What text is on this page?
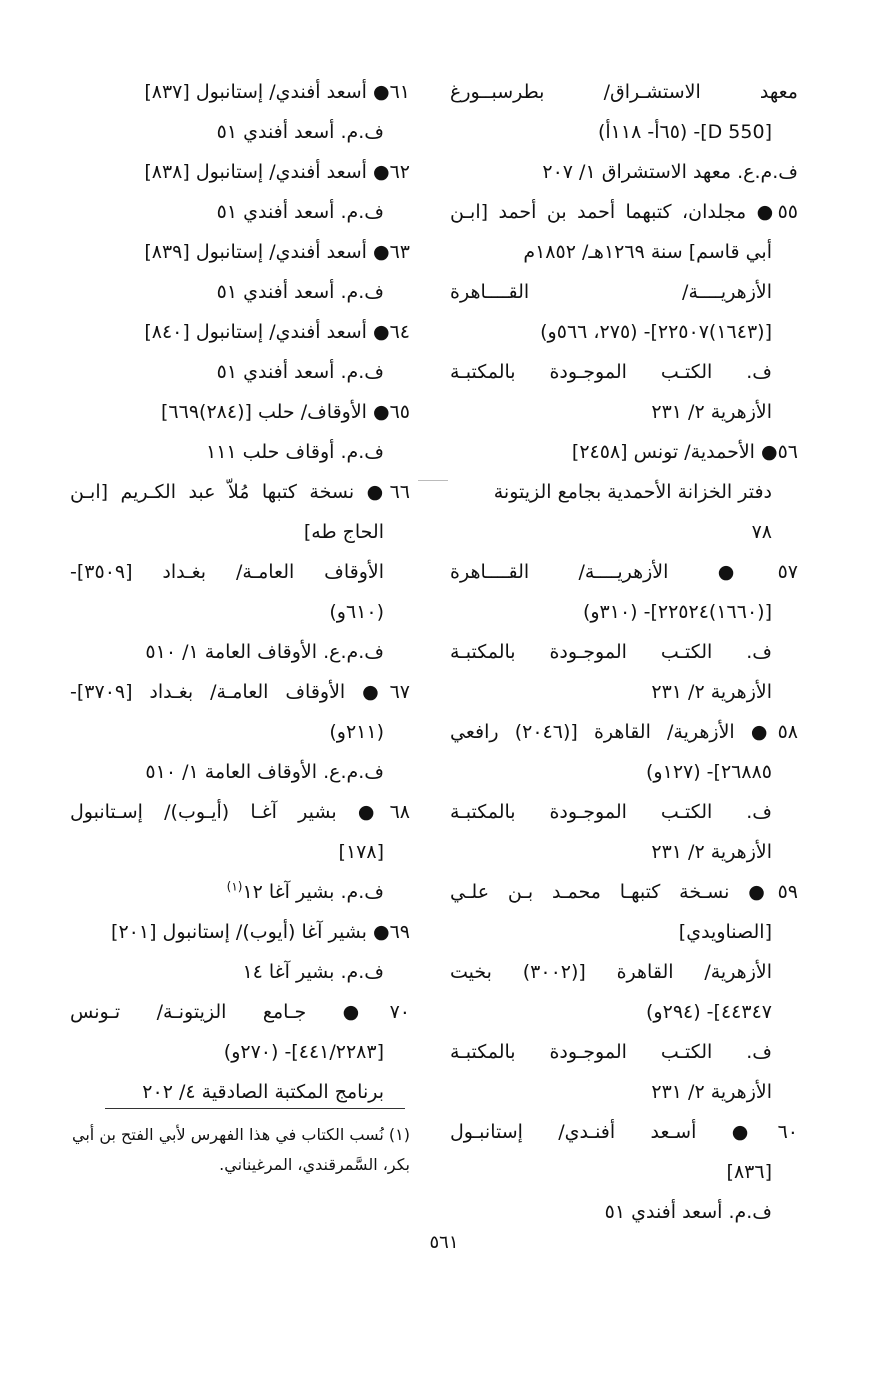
معهد الاستشـراق/ بطرسبــورغ
[D 550]- (٦٥أ- ١١٨أ)
ف.م.ع. معهد الاستشراق ١/ ٢٠٧
٥٥● مجلدان، كتبهما أحمد بن أحمد [ابـن
أبي قاسم] سنة ١٢٦٩هـ/ ١٨٥٢م
الأزهريــــة/ القــــاهرة
[(١٦٤٣)٢٢٥٠٧]- (٢٧٥، ٥٦٦و)
ف. الكتـب الموجـودة بالمكتبـة
الأزهرية ٢/ ٢٣١
٥٦● الأحمدية/ تونس [٢٤٥٨]
دفتر الخزانة الأحمدية بجامع الزيتونة
٧٨
٥٧● الأزهريــــة/ القــــاهرة
[(١٦٦٠)٢٢٥٢٤]- (٣١٠و)
ف. الكتـب الموجـودة بالمكتبـة
الأزهرية ٢/ ٢٣١
٥٨● الأزهرية/ القاهرة [(٢٠٤٦) رافعي
٢٦٨٨٥]- (١٢٧و)
ف. الكتـب الموجـودة بالمكتبـة
الأزهرية ٢/ ٢٣١
٥٩● نسـخة كتبهـا محمـد بـن علـي
[الصناويدي]
الأزهرية/ القاهرة [(٣٠٠٢) بخيت
٤٤٣٤٧]- (٢٩٤و)
ف. الكتـب الموجـودة بالمكتبـة
الأزهرية ٢/ ٢٣١
٦٠● أسـعد أفنـدي/ إستانبـول
[٨٣٦]
ف.م. أسعد أفندي ٥١
٦١● أسعد أفندي/ إستانبول [٨٣٧]
ف.م. أسعد أفندي ٥١
٦٢● أسعد أفندي/ إستانبول [٨٣٨]
ف.م. أسعد أفندي ٥١
٦٣● أسعد أفندي/ إستانبول [٨٣٩]
ف.م. أسعد أفندي ٥١
٦٤● أسعد أفندي/ إستانبول [٨٤٠]
ف.م. أسعد أفندي ٥١
٦٥● الأوقاف/ حلب [(٢٨٤)٦٦٩]
ف.م. أوقاف حلب ١١١
٦٦● نسخة كتبها مُلاّ عبد الكـريم [ابـن
الحاج طه]
الأوقاف العامـة/ بغـداد [٣٥٠٩]-
(٦١٠و)
ف.م.ع. الأوقاف العامة ١/ ٥١٠
٦٧● الأوقاف العامـة/ بغـداد [٣٧٠٩]-
(٢١١و)
ف.م.ع. الأوقاف العامة ١/ ٥١٠
٦٨● بشير آغـا (أيـوب)/ إسـتانبول
[١٧٨]
ف.م. بشير آغا ١٢$^{(١)}$
٦٩● بشير آغا (أيوب)/ إستانبول [٢٠١]
ف.م. بشير آغا ١٤
٧٠● جـامع الزيتونـة/ تـونس
[٤٤١/٢٢٨٣]- (٢٧٠و)
برنامج المكتبة الصادقية ٤/ ٢٠٢
(١) نُسب الكتاب في هذا الفهرس لأبي الفتح بن أبي
بكر، السَّمرقندي، المرغيناني.
٥٦١
